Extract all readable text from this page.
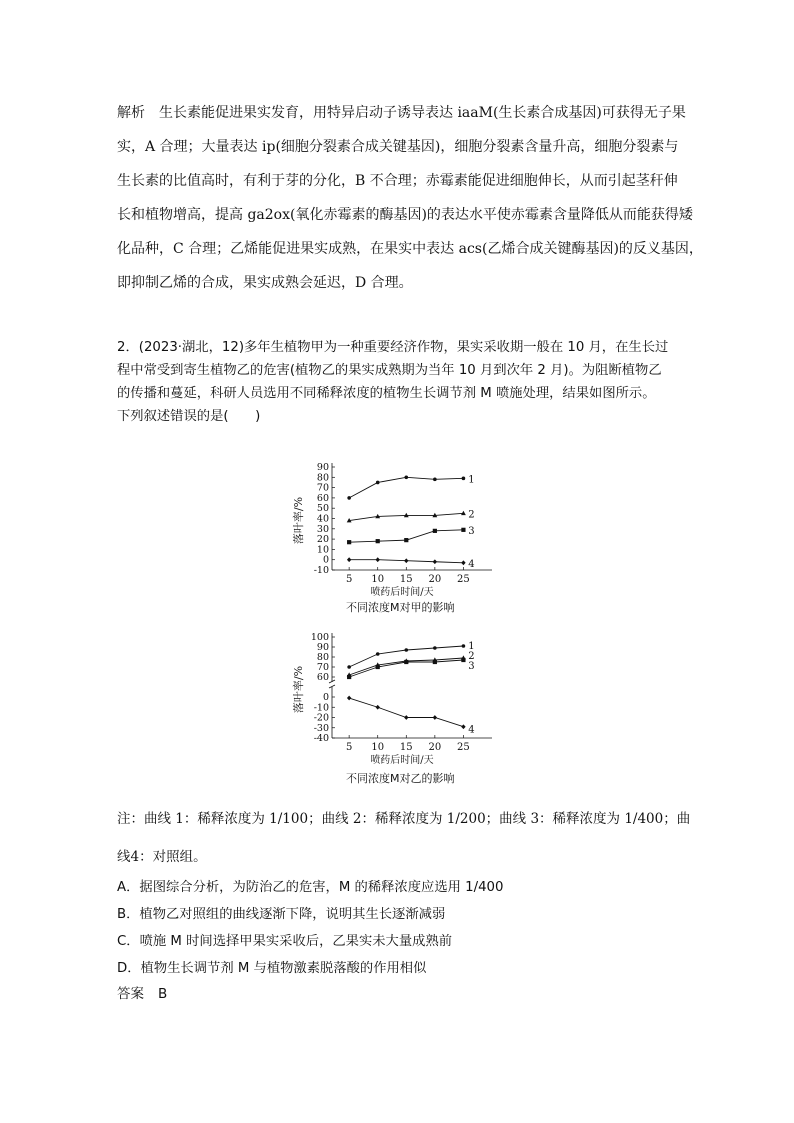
解析 生长素能促进果实发育，用特异启动子诱导表达 iaaM(生长素合成基因)可获得无子果
实，A 合理；大量表达 ip(细胞分裂素合成关键基因)，细胞分裂素含量升高，细胞分裂素与
生长素的比值高时，有利于芽的分化，B 不合理；赤霉素能促进细胞伸长，从而引起茎秆伸
长和植物增高，提高 ga2ox(氧化赤霉素的酶基因)的表达水平使赤霉素含量降低从而能获得矮
化品种，C 合理；乙烯能促进果实成熟，在果实中表达 acs(乙烯合成关键酶基因)的反义基因，
即抑制乙烯的合成，果实成熟会延迟，D 合理。
2．(2023·湖北，12)多年生植物甲为一种重要经济作物，果实采收期一般在 10 月，在生长过
程中常受到寄生植物乙的危害(植物乙的果实成熟期为当年 10 月到次年 2 月)。为阻断植物乙
的传播和蔓延，科研人员选用不同稀释浓度的植物生长调节剂 M 喷施处理，结果如图所示。
下列叙述错误的是(　　)
-10
0
10
20
30
40
50
60
70
80
90
5 10 15 20 25
喷药后时间/天
落叶率/%
1
2
3
4
不同浓度M对甲的影响
60
70
80
90
100
-40
-30
-20
-10
0
5 10 15 20 25
喷药后时间/天
落叶率/%
1
2
3
4
不同浓度M对乙的影响
注：曲线 1：稀释浓度为 1/100；曲线 2：稀释浓度为 1/200；曲线 3：稀释浓度为 1/400；曲
线4：对照组。
A．据图综合分析，为防治乙的危害，M 的稀释浓度应选用 1/400
B．植物乙对照组的曲线逐渐下降，说明其生长逐渐减弱
C．喷施 M 时间选择甲果实采收后，乙果实未大量成熟前
D．植物生长调节剂 M 与植物激素脱落酸的作用相似
答案 B
